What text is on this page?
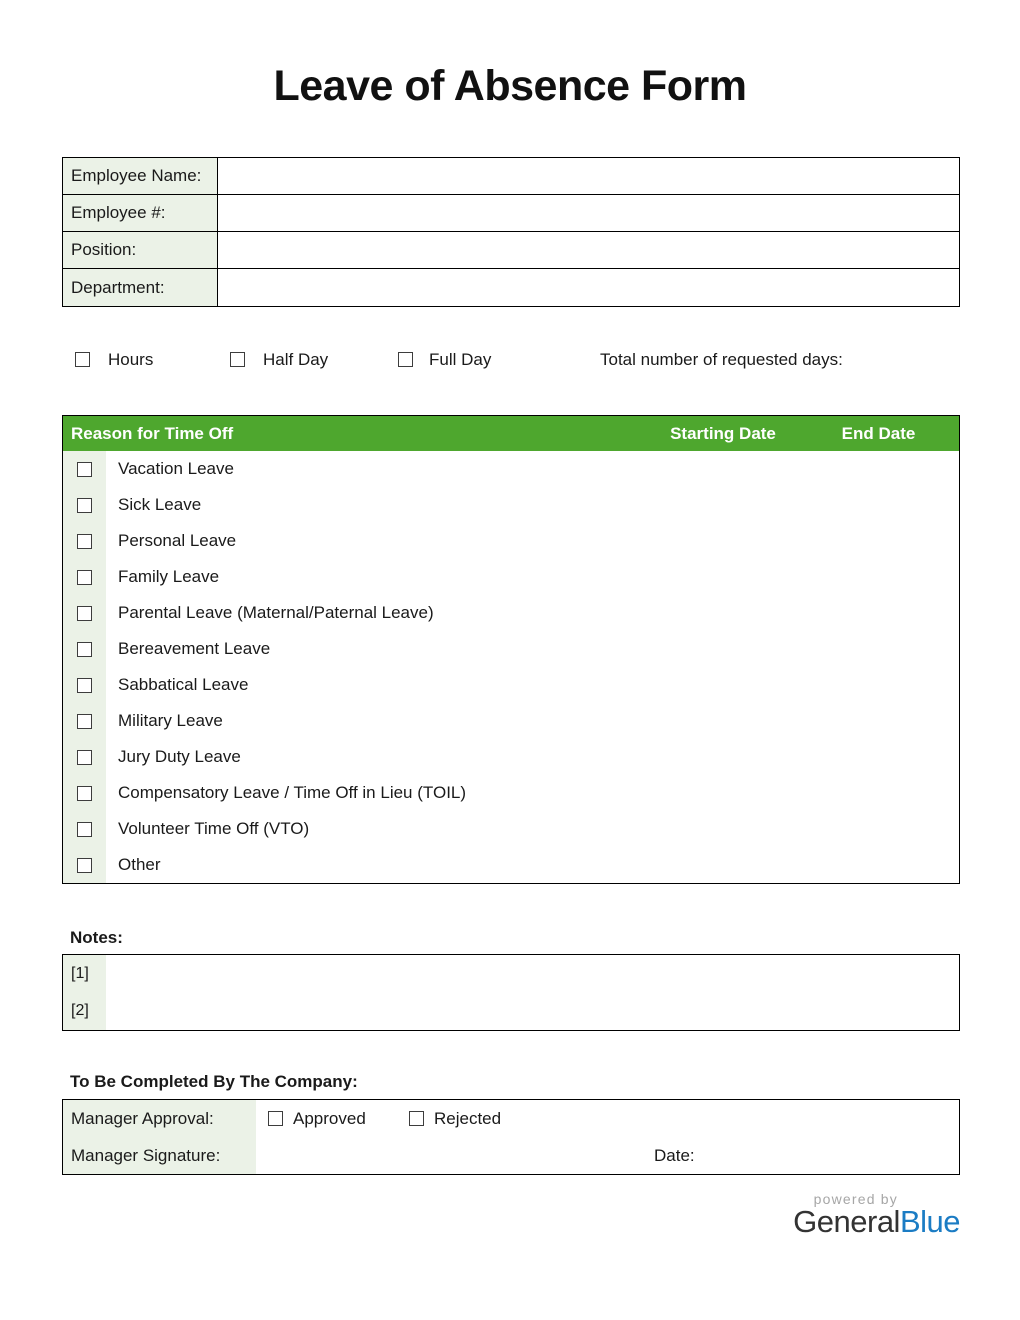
Leave of Absence Form
Employee Name:
Employee #:
Position:
Department:
Hours	Half Day	Full Day	Total number of requested days:
Reason for Time Off	Starting Date	End Date
Vacation Leave
Sick Leave
Personal Leave
Family Leave
Parental Leave (Maternal/Paternal Leave)
Bereavement Leave
Sabbatical Leave
Military Leave
Jury Duty Leave
Compensatory Leave / Time Off in Lieu (TOIL)
Volunteer Time Off (VTO)
Other
Notes:
[1]
[2]
To Be Completed By The Company:
Manager Approval:	Approved	Rejected
Manager Signature:	Date:
powered by
GeneralBlue
